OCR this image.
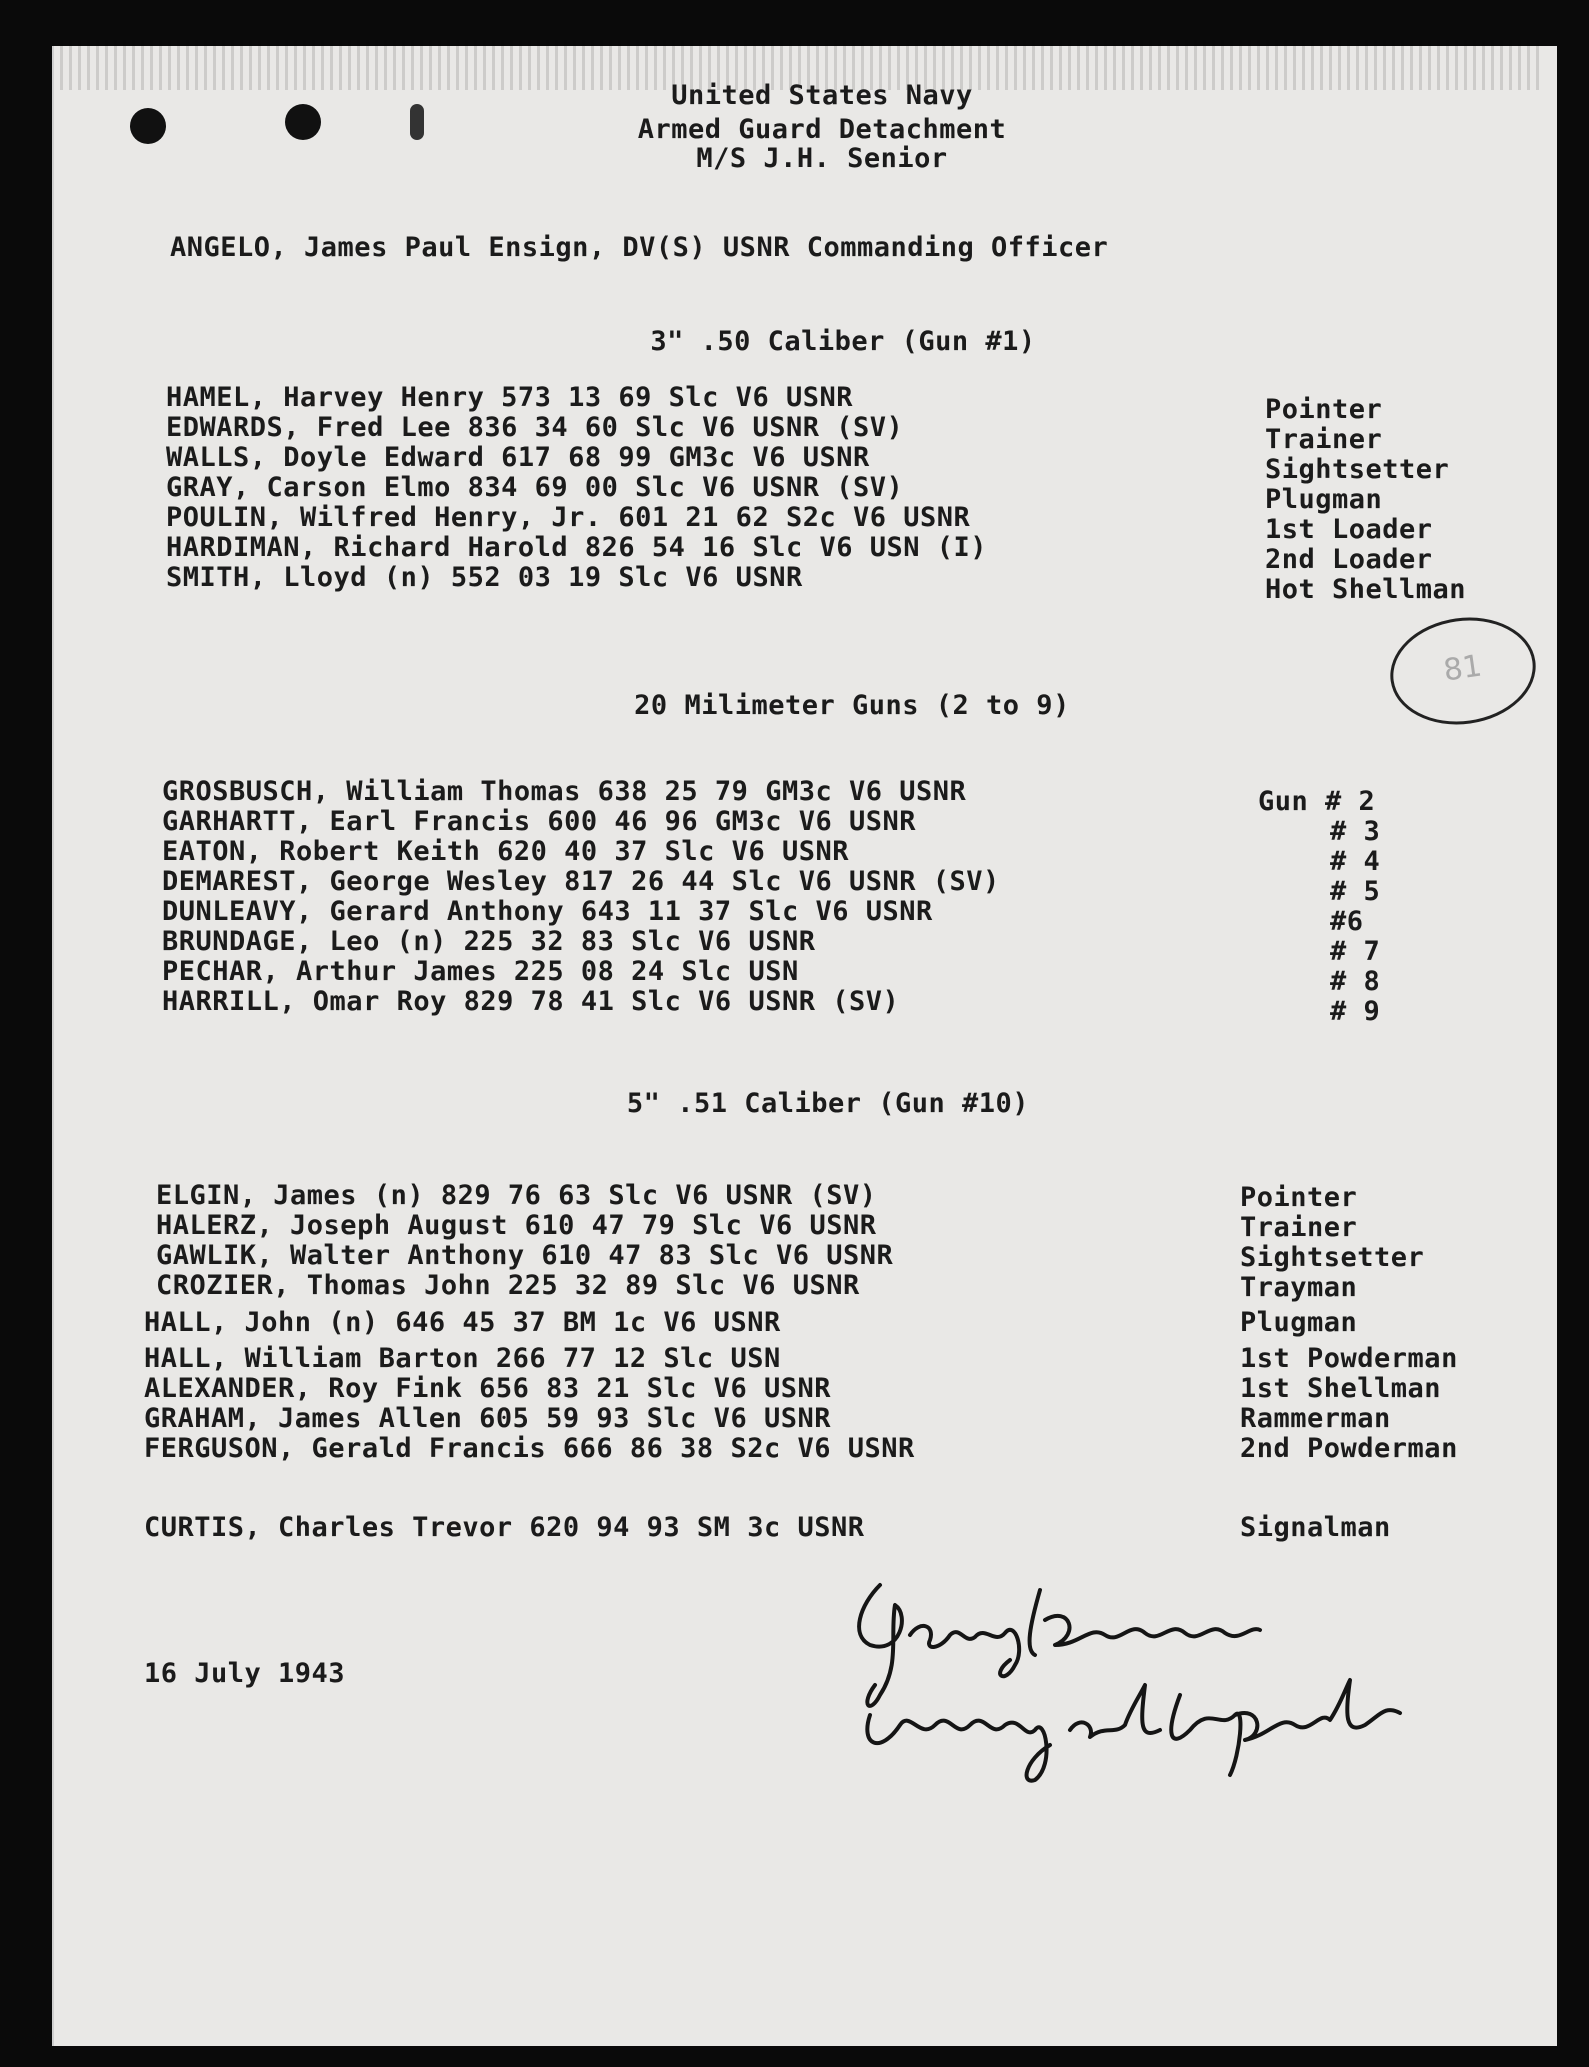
United States Navy
Armed Guard Detachment
M/S J.H. Senior
ANGELO, James Paul Ensign, DV(S) USNR Commanding Officer
3" .50 Caliber (Gun #1)
HAMEL, Harvey Henry 573 13 69 Slc V6 USNR
EDWARDS, Fred Lee 836 34 60 Slc V6 USNR (SV)
WALLS, Doyle Edward 617 68 99 GM3c V6 USNR
GRAY, Carson Elmo 834 69 00 Slc V6 USNR (SV)
POULIN, Wilfred Henry, Jr. 601 21 62 S2c V6 USNR
HARDIMAN, Richard Harold 826 54 16 Slc V6 USN (I)
SMITH, Lloyd (n) 552 03 19 Slc V6 USNR
Pointer
Trainer
Sightsetter
Plugman
1st Loader
2nd Loader
Hot Shellman
81
20 Milimeter Guns (2 to 9)
GROSBUSCH, William Thomas 638 25 79 GM3c V6 USNR
GARHARTT, Earl Francis 600 46 96 GM3c V6 USNR
EATON, Robert Keith 620 40 37 Slc V6 USNR
DEMAREST, George Wesley 817 26 44 Slc V6 USNR (SV)
DUNLEAVY, Gerard Anthony 643 11 37 Slc V6 USNR
BRUNDAGE, Leo (n) 225 32 83 Slc V6 USNR
PECHAR, Arthur James 225 08 24 Slc USN
HARRILL, Omar Roy 829 78 41 Slc V6 USNR (SV)
Gun # 2
# 3
# 4
# 5
#6
# 7
# 8
# 9
5" .51 Caliber (Gun #10)
ELGIN, James (n) 829 76 63 Slc V6 USNR (SV)
HALERZ, Joseph August 610 47 79 Slc V6 USNR
GAWLIK, Walter Anthony 610 47 83 Slc V6 USNR
CROZIER, Thomas John 225 32 89 Slc V6 USNR
HALL, John (n) 646 45 37 BM 1c V6 USNR
HALL, William Barton 266 77 12 Slc USN
ALEXANDER, Roy Fink 656 83 21 Slc V6 USNR
GRAHAM, James Allen 605 59 93 Slc V6 USNR
FERGUSON, Gerald Francis 666 86 38 S2c V6 USNR
Pointer
Trainer
Sightsetter
Trayman
Plugman
1st Powderman
1st Shellman
Rammerman
2nd Powderman
CURTIS, Charles Trevor 620 94 93 SM 3c USNR	Signalman
16 July 1943
